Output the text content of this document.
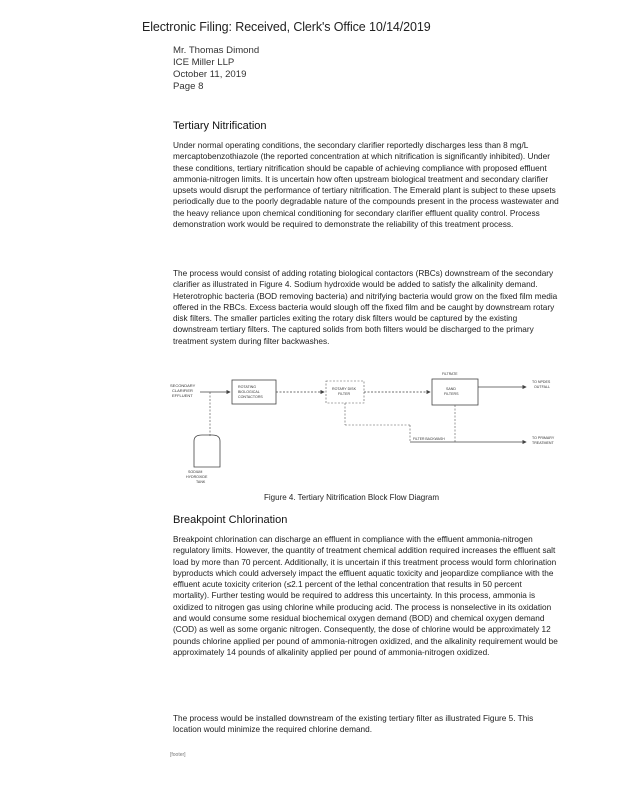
Electronic Filing: Received, Clerk's Office 10/14/2019
Mr. Thomas Dimond
ICE Miller LLP
October 11, 2019
Page 8
Tertiary Nitrification

Under normal operating conditions, the secondary clarifier reportedly discharges less than 8 mg/L mercaptobenzothiazole (the reported concentration at which nitrification is significantly inhibited). Under these conditions, tertiary nitrification should be capable of achieving compliance with proposed effluent ammonia-nitrogen limits. It is uncertain how often upstream biological treatment and secondary clarifier upsets would disrupt the performance of tertiary nitrification. The Emerald plant is subject to these upsets periodically due to the poorly degradable nature of the compounds present in the process wastewater and the heavy reliance upon chemical conditioning for secondary clarifier effluent quality control. Process demonstration work would be required to demonstrate the reliability of this treatment process.

The process would consist of adding rotating biological contactors (RBCs) downstream of the secondary clarifier as illustrated in Figure 4. Sodium hydroxide would be added to satisfy the alkalinity demand. Heterotrophic bacteria (BOD removing bacteria) and nitrifying bacteria would grow on the fixed film media offered in the RBCs. Excess bacteria would slough off the fixed film and be caught by downstream rotary disk filters. The smaller particles exiting the rotary disk filters would be captured by the existing downstream tertiary filters. The captured solids from both filters would be discharged to the primary treatment system during filter backwashes.

SECONDARY
CLARIFIER
EFFLUENT
ROTATING
BIOLOGICAL
CONTACTORS
ROTARY DISK
FILTER
SAND
FILTERS
FILTRATE
TO NPDES
OUTFALL
SODIUM
HYDROXIDE
TANK
FILTER BACKWASH	TO PRIMARY
TREATMENT
Figure 4. Tertiary Nitrification Block Flow Diagram
Breakpoint Chlorination

Breakpoint chlorination can discharge an effluent in compliance with the effluent ammonia-nitrogen regulatory limits. However, the quantity of treatment chemical addition required increases the effluent salt load by more than 70 percent. Additionally, it is uncertain if this treatment process would form chlorination byproducts which could adversely impact the effluent aquatic toxicity and jeopardize compliance with the effluent acute toxicity criterion (≤2.1 percent of the lethal concentration that results in 50 percent mortality). Further testing would be required to address this uncertainty. In this process, ammonia is oxidized to nitrogen gas using chlorine while producing acid. The process is nonselective in its oxidation and would consume some residual biochemical oxygen demand (BOD) and chemical oxygen demand (COD) as well as some organic nitrogen. Consequently, the dose of chlorine would be approximately 12 pounds chlorine applied per pound of ammonia-nitrogen oxidized, and the alkalinity requirement would be approximately 14 pounds of alkalinity applied per pound of ammonia-nitrogen oxidized.

The process would be installed downstream of the existing tertiary filter as illustrated Figure 5. This location would minimize the required chlorine demand.

[footer]
